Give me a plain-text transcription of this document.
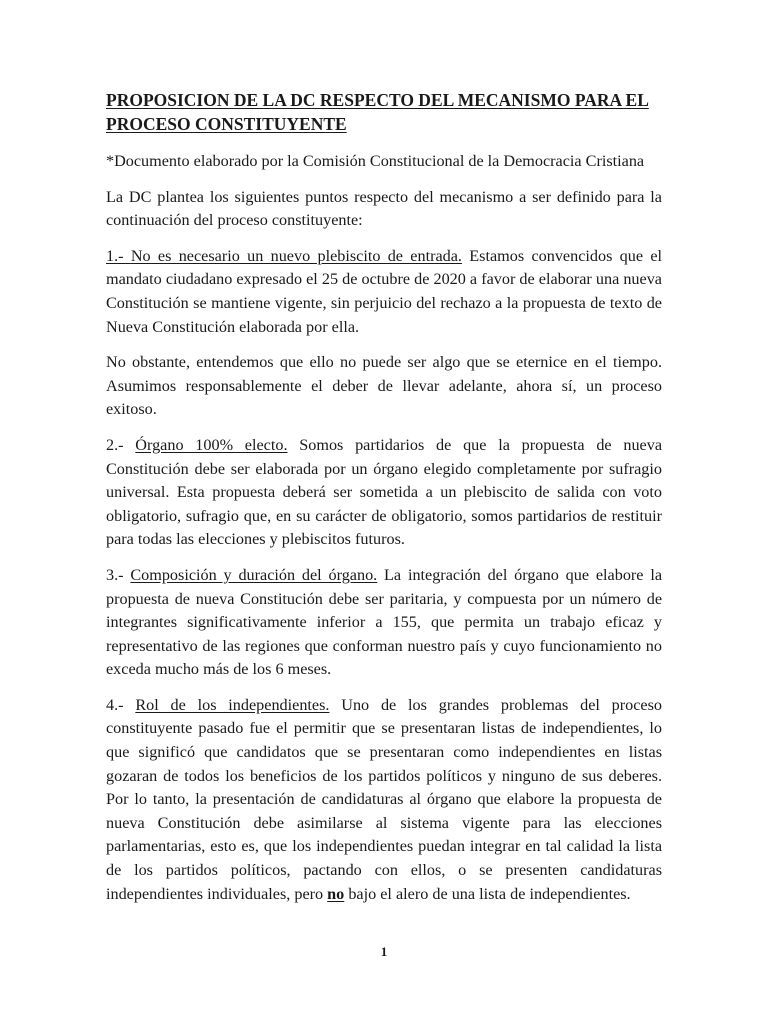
PROPOSICION DE LA DC RESPECTO DEL MECANISMO PARA EL PROCESO CONSTITUYENTE

*Documento elaborado por la Comisión Constitucional de la Democracia Cristiana

La DC plantea los siguientes puntos respecto del mecanismo a ser definido para la continuación del proceso constituyente:

1.- No es necesario un nuevo plebiscito de entrada. Estamos convencidos que el mandato ciudadano expresado el 25 de octubre de 2020 a favor de elaborar una nueva Constitución se mantiene vigente, sin perjuicio del rechazo a la propuesta de texto de Nueva Constitución elaborada por ella.

No obstante, entendemos que ello no puede ser algo que se eternice en el tiempo. Asumimos responsablemente el deber de llevar adelante, ahora sí, un proceso exitoso.

2.- Órgano 100% electo. Somos partidarios de que la propuesta de nueva Constitución debe ser elaborada por un órgano elegido completamente por sufragio universal. Esta propuesta deberá ser sometida a un plebiscito de salida con voto obligatorio, sufragio que, en su carácter de obligatorio, somos partidarios de restituir para todas las elecciones y plebiscitos futuros.

3.- Composición y duración del órgano. La integración del órgano que elabore la propuesta de nueva Constitución debe ser paritaria, y compuesta por un número de integrantes significativamente inferior a 155, que permita un trabajo eficaz y representativo de las regiones que conforman nuestro país y cuyo funcionamiento no exceda mucho más de los 6 meses.

4.- Rol de los independientes. Uno de los grandes problemas del proceso constituyente pasado fue el permitir que se presentaran listas de independientes, lo que significó que candidatos que se presentaran como independientes en listas gozaran de todos los beneficios de los partidos políticos y ninguno de sus deberes. Por lo tanto, la presentación de candidaturas al órgano que elabore la propuesta de nueva Constitución debe asimilarse al sistema vigente para las elecciones parlamentarias, esto es, que los independientes puedan integrar en tal calidad la lista de los partidos políticos, pactando con ellos, o se presenten candidaturas independientes individuales, pero no bajo el alero de una lista de independientes.

1
